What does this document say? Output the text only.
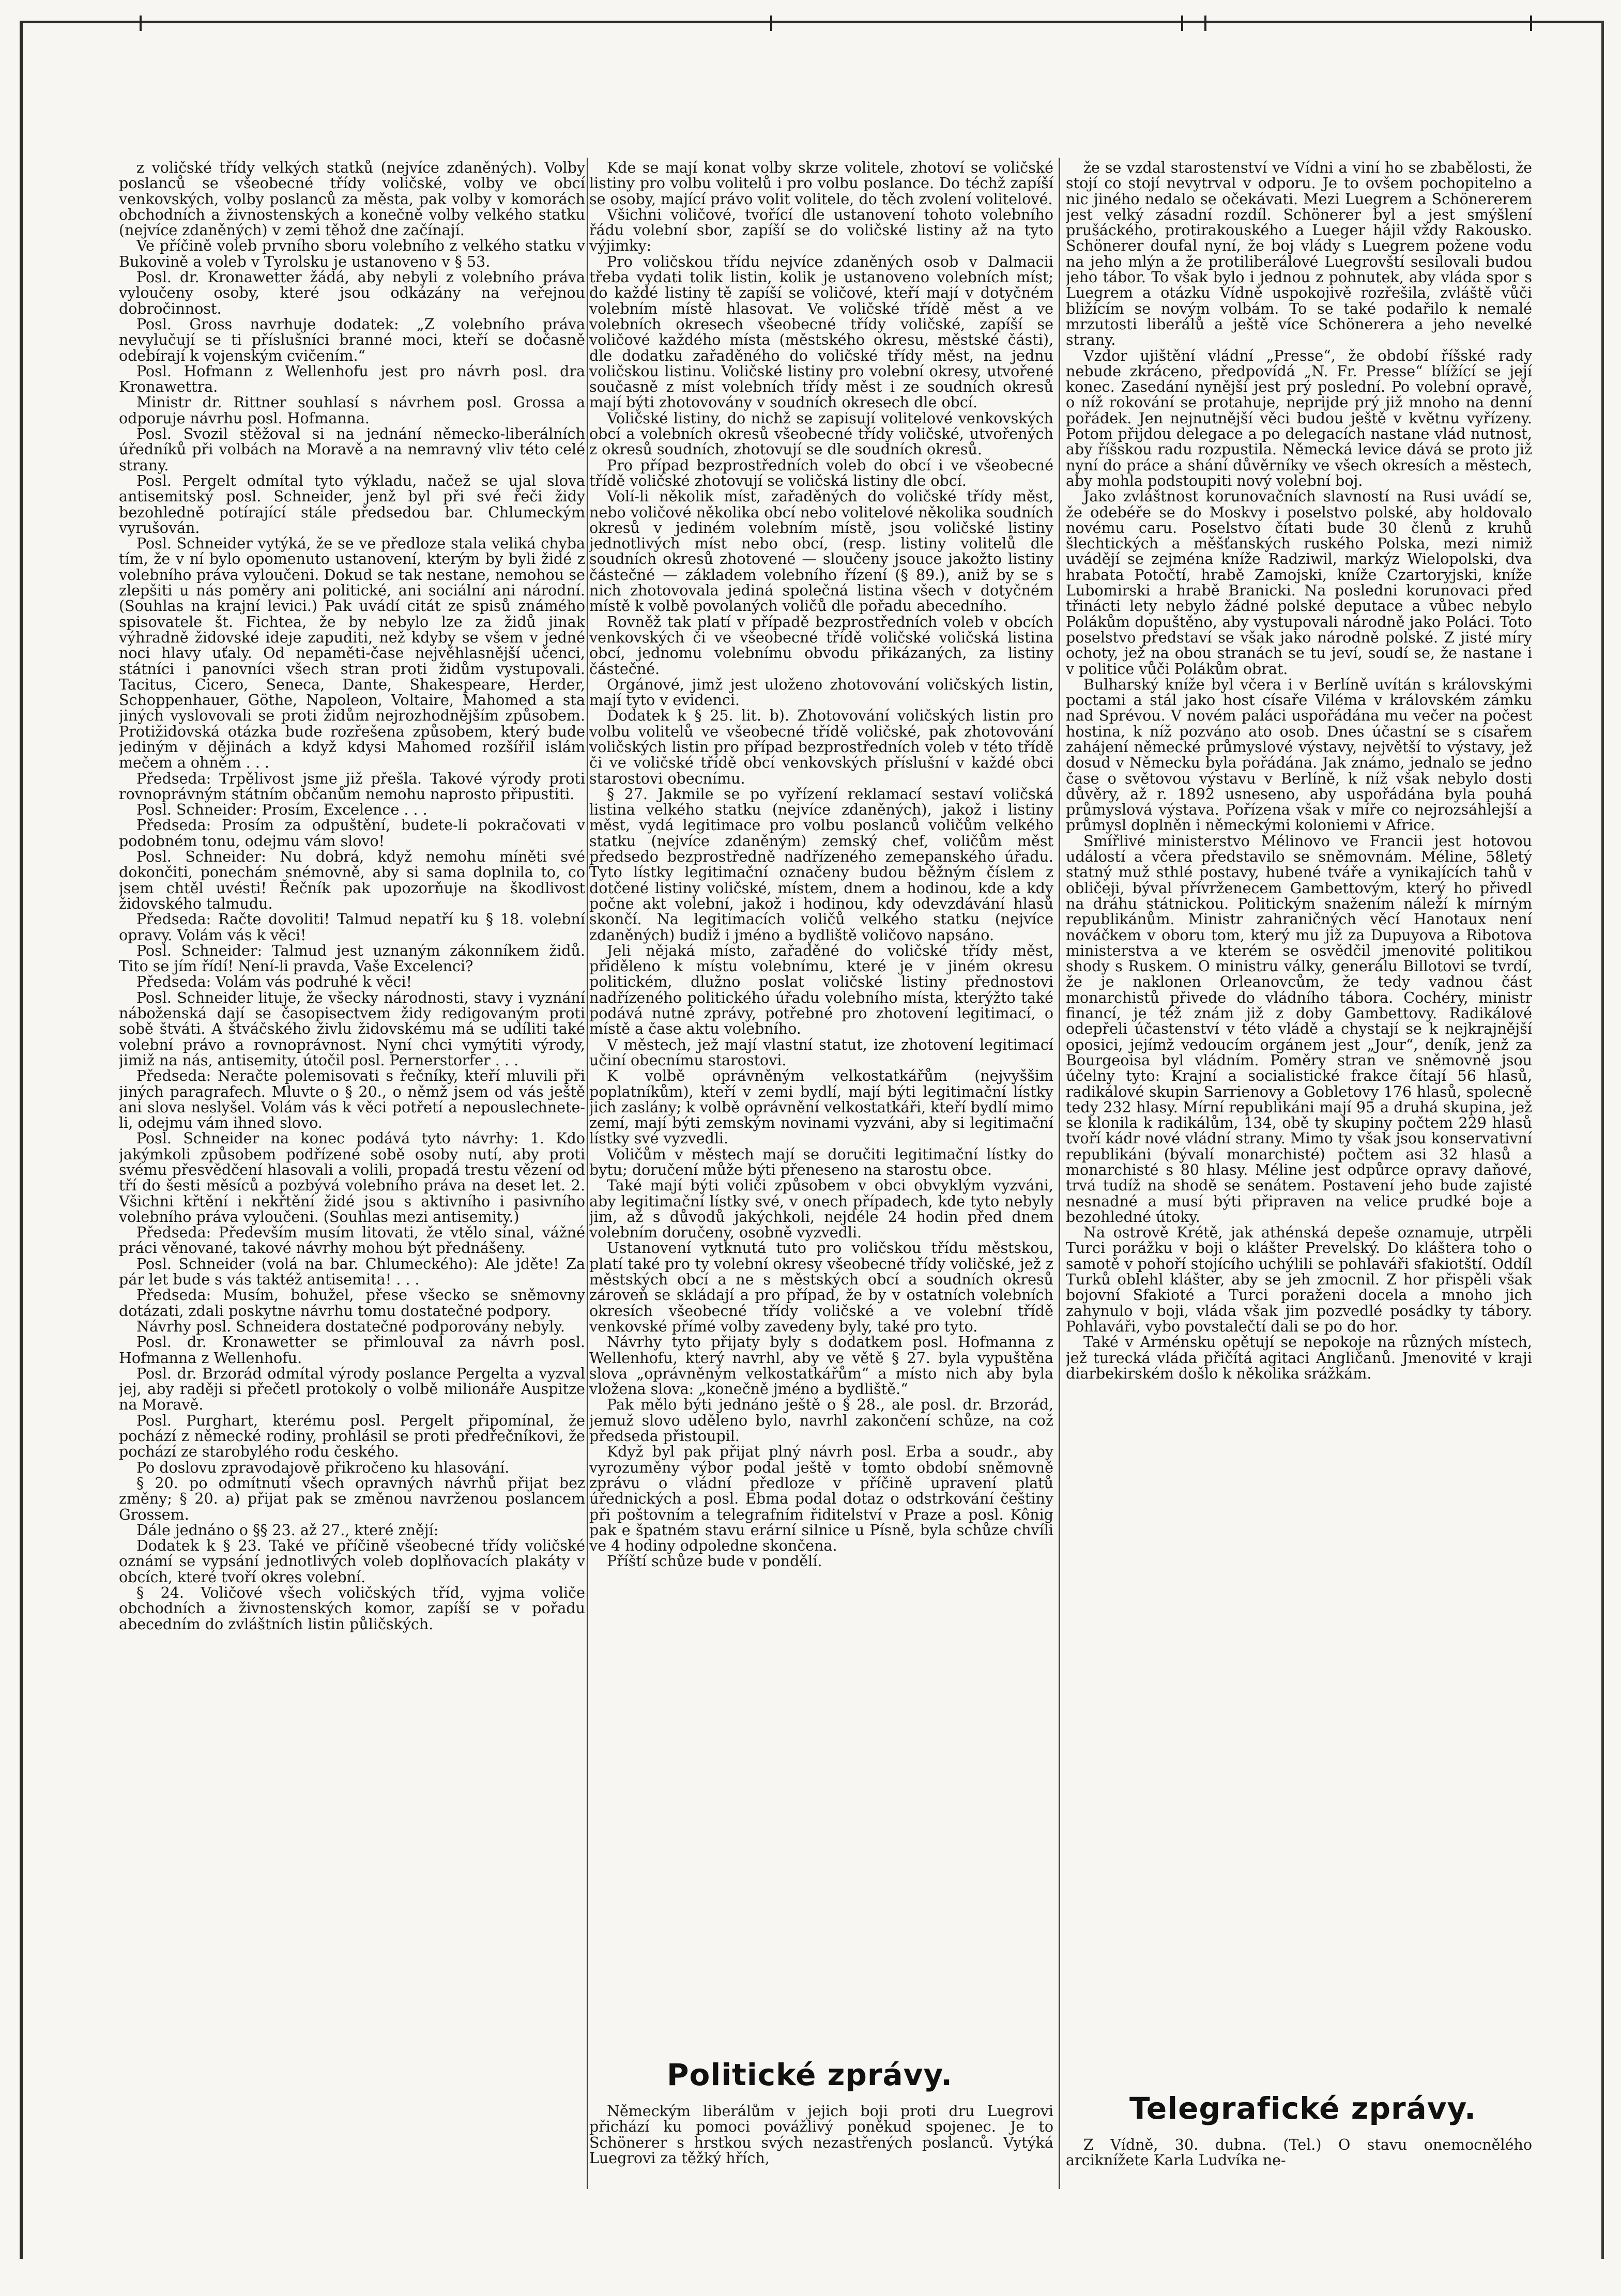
z voličské třídy velkých statků (nejvíce zdaněných). Volby poslanců se všeobecné třídy voličské, volby ve obcí venkovských, volby poslanců za města, pak volby v komorách obchodních a živnostenských a konečně volby velkého statku (nejvíce zdaněných) v zemi těhož dne začínají.

Ve příčině voleb prvního sboru volebního z velkého statku v Bukovině a voleb v Tyrolsku je ustanoveno v § 53.

Posl. dr. Kronawetter žádá, aby nebyli z volebního práva vyloučeny osoby, které jsou odkázány na veřejnou dobročinnost.

Posl. Gross navrhuje dodatek: „Z volebního práva nevylučují se ti příslušníci branné moci, kteří se dočasně odebírají k vojenským cvičením.“

Posl. Hofmann z Wellenhofu jest pro návrh posl. dra Kronawettra.

Ministr dr. Rittner souhlasí s návrhem posl. Grossa a odporuje návrhu posl. Hofmanna.

Posl. Svozil stěžoval si na jednání německo-liberálních úředníků při volbách na Moravě a na nemravný vliv této celé strany.

Posl. Pergelt odmítal tyto výkladu, načež se ujal slova antisemitský posl. Schneider, jenž byl při své řeči židy bezohledně potírající stále předsedou bar. Chlumeckým vyrušován.

Posl. Schneider vytýká, že se ve předloze stala veliká chyba tím, že v ní bylo opomenuto ustanovení, kterým by byli židé z volebního práva vyloučeni. Dokud se tak nestane, nemohou se zlepšiti u nás poměry ani politické, ani sociální ani národní. (Souhlas na krajní levici.) Pak uvádí citát ze spisů známého spisovatele št. Fichtea, že by nebylo lze za židů jinak výhradně židovské ideje zapuditi, než kdyby se všem v jedné noci hlavy uťaly. Od nepaměti-čase nejvěhlasnější učenci, státníci i panovníci všech stran proti židům vystupovali. Tacitus, Cicero, Seneca, Dante, Shakespeare, Herder, Schoppenhauer, Göthe, Napoleon, Voltaire, Mahomed a sta jiných vyslovovali se proti židům nejrozhodnějším způsobem. Protižidovská otázka bude rozřešena způsobem, který bude jediným v dějinách a když kdysi Mahomed rozšířil islám mečem a ohněm . . .

Předseda: Trpělivost jsme již přešla. Takové výrody proti rovnoprávným státním občanům nemohu naprosto připustiti.

Posl. Schneider: Prosím, Excelence . . .

Předseda: Prosím za odpuštění, budete-li pokračovati v podobném tonu, odejmu vám slovo!

Posl. Schneider: Nu dobrá, když nemohu míněti své dokončiti, ponechám snémovně, aby si sama doplnila to, co jsem chtěl uvésti! Řečník pak upozorňuje na škodlivost židovského talmudu.

Předseda: Račte dovoliti! Talmud nepatří ku § 18. volební opravy. Volám vás k věci!

Posl. Schneider: Talmud jest uznaným zákonníkem židů. Tito se jím řídí! Není-li pravda, Vaše Excelenci?

Předseda: Volám vás podruhé k věci!

Posl. Schneider lituje, že všecky národnosti, stavy i vyznání náboženská dají se časopisectvem židy redigovaným proti sobě štváti. A štváčského živlu židovskému má se udíliti také volební právo a rovnoprávnost. Nyní chci vymýtiti výrody, jimiž na nás, antisemity, útočil posl. Pernerstorfer . . .

Předseda: Neračte polemisovati s řečníky, kteří mluvili při jiných paragrafech. Mluvte o § 20., o němž jsem od vás ještě ani slova neslyšel. Volám vás k věci potřetí a nepouslechnete-li, odejmu vám ihned slovo.

Posl. Schneider na konec podává tyto návrhy: 1. Kdo jakýmkoli způsobem podřízené sobě osoby nutí, aby proti svému přesvědčení hlasovali a volili, propadá trestu vězení od tří do šesti měsíců a pozbývá volebního práva na deset let. 2. Všichni křtění i nekřtění židé jsou s aktivního i pasivního volebního práva vyloučeni. (Souhlas mezi antisemity.)

Předseda: Především musím litovati, že vtělo sínal, vážné práci věnované, takové návrhy mohou být přednášeny.

Posl. Schneider (volá na bar. Chlumeckého): Ale jděte! Za pár let bude s vás taktéž antisemita! . . .

Předseda: Musím, bohužel, přese všecko se sněmovny dotázati, zdali poskytne návrhu tomu dostatečné podpory.

Návrhy posl. Schneidera dostatečné podporovány nebyly.

Posl. dr. Kronawetter se přimlouval za návrh posl. Hofmanna z Wellenhofu.

Posl. dr. Brzorád odmítal výrody poslance Pergelta a vyzval jej, aby raději si přečetl protokoly o volbě milionáře Auspitze na Moravě.

Posl. Purghart, kterému posl. Pergelt připomínal, že pochází z německé rodiny, prohlásil se proti předřečníkovi, že pochází ze starobylého rodu českého.

Po doslovu zpravodajově přikročeno ku hlasování.

§ 20. po odmítnutí všech opravných návrhů přijat bez změny; § 20. a) přijat pak se změnou navrženou poslancem Grossem.

Dále jednáno o §§ 23. až 27., které znějí:

Dodatek k § 23. Také ve příčině všeobecné třídy voličské oznámí se vypsání jednotlivých voleb doplňovacích plakáty v obcích, které tvoří okres volební.

§ 24. Voličové všech voličských tříd, vyjma voliče obchodních a živnostenských komor, zapíší se v pořadu abecedním do zvláštních listin půličských.

Kde se mají konat volby skrze volitele, zhotoví se voličské listiny pro volbu volitelů i pro volbu poslance. Do téchž zapíší se osoby, mající právo volit volitele, do těch zvolení volitelové.

Všichni voličové, tvořící dle ustanovení tohoto volebního řádu volební sbor, zapíší se do voličské listiny až na tyto výjimky:

Pro voličskou třídu nejvíce zdaněných osob v Dalmacii třeba vydati tolik listin, kolik je ustanoveno volebních míst; do každé listiny tě zapíší se voličové, kteří mají v dotyčném volebním místě hlasovat. Ve voličské třídě měst a ve volebních okresech všeobecné třídy voličské, zapíší se voličové každého místa (městského okresu, městské části), dle dodatku zařaděného do voličské třídy měst, na jednu voličskou listinu. Voličské listiny pro volební okresy, utvořené současně z míst volebních třídy měst i ze soudních okresů mají býti zhotovovány v soudních okresech dle obcí.

Voličské listiny, do nichž se zapisují volitelové venkovských obcí a volebních okresů všeobecné třídy voličské, utvořených z okresů soudních, zhotovují se dle soudních okresů.

Pro případ bezprostředních voleb do obcí i ve všeobecné třídě voličské zhotovují se voličská listiny dle obcí.

Volí-li několik míst, zařaděných do voličské třídy měst, nebo voličové několika obcí nebo volitelové několika soudních okresů v jediném volebním místě, jsou voličské listiny jednotlivých míst nebo obcí, (resp. listiny volitelů dle soudních okresů zhotovené — sloučeny jsouce jakožto listiny částečné — základem volebního řízení (§ 89.), aniž by se s nich zhotovovala jediná společná listina všech v dotyčném místě k volbě povolaných voličů dle pořadu abecedního.

Rovněž tak platí v případě bezprostředních voleb v obcích venkovských či ve všeobecné třídě voličské voličská listina obcí, jednomu volebnímu obvodu přikázaných, za listiny částečné.

Orgánové, jimž jest uloženo zhotovování voličských listin, mají tyto v evidenci.

Dodatek k § 25. lit. b). Zhotovování voličských listin pro volbu volitelů ve všeobecné třídě voličské, pak zhotovování voličských listin pro případ bezprostředních voleb v této třídě či ve voličské třídě obcí venkovských příslušní v každé obci starostovi obecnímu.

§ 27. Jakmile se po vyřízení reklamací sestaví voličská listina velkého statku (nejvíce zdaněných), jakož i listiny měst, vydá legitimace pro volbu poslanců voličům velkého statku (nejvíce zdaněným) zemský chef, voličům měst předsedo bezprostředně nadřízeného zemepanského úřadu. Tyto lístky legitimační označeny budou běžným číslem z dotčené listiny voličské, místem, dnem a hodinou, kde a kdy počne akt volební, jakož i hodinou, kdy odevzdávání hlasů skončí. Na legitimacích voličů velkého statku (nejvíce zdaněných) budiž i jméno a bydliště voličovo napsáno.

Jeli nějaká místo, zařaděné do voličské třídy měst, přiděleno k místu volebnímu, které je v jiném okresu politickém, dlužno poslat voličské listiny přednostovi nadřízeného politického úřadu volebního místa, kterýžto také podává nutné zprávy, potřebné pro zhotovení legitimací, o místě a čase aktu volebního.

V městech, jež mají vlastní statut, ize zhotovení legitimací učiní obecnímu starostovi.

K volbě oprávněným velkostatkářům (nejvyššim poplatníkům), kteří v zemi bydlí, mají býti legitimační lístky jich zaslány; k volbě oprávnění velkostatkáři, kteří bydlí mimo zemí, mají býti zemským novinami vyzváni, aby si legitimační lístky své vyzvedli.

Voličům v městech mají se doručiti legitimační lístky do bytu; doručení může býti přeneseno na starostu obce.

Také mají býti voliči způsobem v obci obvyklým vyzváni, aby legitimační lístky své, v onech případech, kde tyto nebyly jim, až s důvodů jakýchkoli, nejdéle 24 hodin před dnem volebním doručeny, osobně vyzvedli.

Ustanovení vytknutá tuto pro voličskou třídu městskou, platí také pro ty volební okresy všeobecné třídy voličské, jež z městských obcí a ne s městských obcí a soudních okresů zároveň se skládají a pro případ, že by v ostatních volebních okresích všeobecné třídy voličské a ve volební třídě venkovské přímé volby zavedeny byly, také pro tyto.

Návrhy tyto přijaty byly s dodatkem posl. Hofmanna z Wellenhofu, který navrhl, aby ve větě § 27. byla vypuštěna slova „oprávněným velkostatkářům“ a místo nich aby byla vložena slova: „konečně jméno a bydliště.“

Pak mělo býti jednáno ještě o § 28., ale posl. dr. Brzorád, jemuž slovo uděleno bylo, navrhl zakončení schůze, na což předseda přistoupil.

Když byl pak přijat plný návrh posl. Erba a soudr., aby vyrozuměny výbor podal ještě v tomto období sněmovně zprávu o vládní předloze v příčině upravení platů úřednických a posl. Ebma podal dotaz o odstrkování češtiny při poštovním a telegrafním řiditelství v Praze a posl. Kônig pak e špatném stavu erární silnice u Písně, byla schůze chvíli ve 4 hodiny odpoledne skončena.

Příští schůze bude v pondělí.

že se vzdal starostenství ve Vídni a viní ho se zbabělosti, že stojí co stojí nevytrval v odporu. Je to ovšem pochopitelno a nic jiného nedalo se očekávati. Mezi Luegrem a Schönererem jest velký zásadní rozdíl. Schönerer byl a jest smýšlení prušáckého, protirakouského a Lueger hájil vždy Rakousko. Schönerer doufal nyní, že boj vlády s Luegrem požene vodu na jeho mlýn a že protiliberálové Luegrovští sesilovali budou jeho tábor. To však bylo i jednou z pohnutek, aby vláda spor s Luegrem a otázku Vídně uspokojivě rozřešila, zvláště vůči bližícím se novým volbám. To se také podařilo k nemalé mrzutosti liberálů a ještě více Schönerera a jeho nevelké strany.

Vzdor ujištění vládní „Presse“, že období říšské rady nebude zkráceno, předpovídá „N. Fr. Presse“ blížící se její konec. Zasedání nynější jest prý poslední. Po volební opravě, o níž rokování se protahuje, neprijde prý již mnoho na denní pořádek. Jen nejnutnější věci budou ještě v květnu vyřízeny. Potom přijdou delegace a po delegacích nastane vlád nutnost, aby říšskou radu rozpustila. Německá levice dává se proto již nyní do práce a shání důvěrníky ve všech okresích a městech, aby mohla podstoupiti nový volební boj.

Jako zvláštnost korunovačních slavností na Rusi uvádí se, že odebéře se do Moskvy i poselstvo polské, aby holdovalo novému caru. Poselstvo čítati bude 30 členů z kruhů šlechtických a měšťanských ruského Polska, mezi nimiž uvádějí se zejména kníže Radziwil, markýz Wielopolski, dva hrabata Potočtí, hrabě Zamojski, kníže Czartoryjski, kníže Lubomirski a hrabě Branicki. Na posledni korunovaci před třinácti lety nebylo žádné polské deputace a vůbec nebylo Polákům dopuštěno, aby vystupovali národně jako Poláci. Toto poselstvo představí se však jako národně polské. Z jisté míry ochoty, jež na obou stranách se tu jeví, soudí se, že nastane i v politice vůči Polákům obrat.

Bulharský kníže byl včera i v Berlíně uvítán s královskými poctami a stál jako host císaře Viléma v královském zámku nad Sprévou. V novém paláci uspořádána mu večer na počest hostina, k níž pozváno ato osob. Dnes účastní se s císařem zahájení německé průmyslové výstavy, největší to výstavy, jež dosud v Německu byla pořádána. Jak známo, jednalo se jedno čase o světovou výstavu v Berlíně, k níž však nebylo dosti důvěry, až r. 1892 usneseno, aby uspořádána byla pouhá průmyslová výstava. Pořízena však v míře co nejrozsáhlejší a průmysl doplněn i německými koloniemi v Africe.

Smířlivé ministerstvo Mélinovo ve Francii jest hotovou událostí a včera představilo se sněmovnám. Méline, 58letý statný muž sthlé postavy, hubené tváře a vynikajících tahů v obličeji, býval přívrženecem Gambettovým, který ho přivedl na dráhu státnickou. Politickým snažením náleží k mírným republikánům. Ministr zahraničných věcí Hanotaux není nováčkem v oboru tom, který mu již za Dupuyova a Ribotova ministerstva a ve kterém se osvědčil jmenovité politikou shody s Ruskem. O ministru války, generálu Billotovi se tvrdí, že je naklonen Orleanovcům, že tedy vadnou část monarchistů přivede do vládního tábora. Cochéry, ministr financí, je též znám již z doby Gambettovy. Radikálové odepřeli účastenství v této vládě a chystají se k nejkrajnější oposici, jejímž vedoucím orgánem jest „Jour“, deník, jenž za Bourgeoisa byl vládním. Poměry stran ve sněmovně jsou účelny tyto: Krajní a socialistické frakce čítají 56 hlasů, radikálové skupin Sarrienovy a Gobletovy 176 hlasů, spolecně tedy 232 hlasy. Mírní republikáni mají 95 a druhá skupina, jež se klonila k radikálům, 134, obě ty skupiny počtem 229 hlasů tvoří kádr nové vládní strany. Mimo ty však jsou konservativní republikáni (bývalí monarchisté) počtem asi 32 hlasů a monarchisté s 80 hlasy. Méline jest odpůrce opravy daňové, trvá tudíž na shodě se senátem. Postavení jeho bude zajisté nesnadné a musí býti připraven na velice prudké boje a bezohledné útoky.

Na ostrově Krétě, jak athénská depeše oznamuje, utrpěli Turci porážku v boji o klášter Prevelský. Do kláštera toho o samotě v pohoří stojícího uchýlili se pohlaváři sfakiotští. Oddíl Turků oblehl klášter, aby se jeh zmocnil. Z hor přispěli však bojovní Sfakioté a Turci poraženi docela a mnoho jich zahynulo v boji, vláda však jim pozvedlé posádky ty tábory. Pohlaváři, vybo povstalečtí dali se po do hor.

Také v Arménsku opětují se nepokoje na různých místech, jež turecká vláda přičítá agitaci Angličanů. Jmenovité v kraji diarbekirském došlo k několika srážkám.

Politické zprávy.

Německým liberálům v jejich boji proti dru Luegrovi přichází ku pomoci povážlivý poněkud spojenec. Je to Schönerer s hrstkou svých nezastřených poslanců. Vytýká Luegrovi za těžký hřích,

Telegrafické zprávy.

Z Vídně, 30. dubna. (Tel.) O stavu onemocnělého arciknížete Karla Ludvíka ne-
